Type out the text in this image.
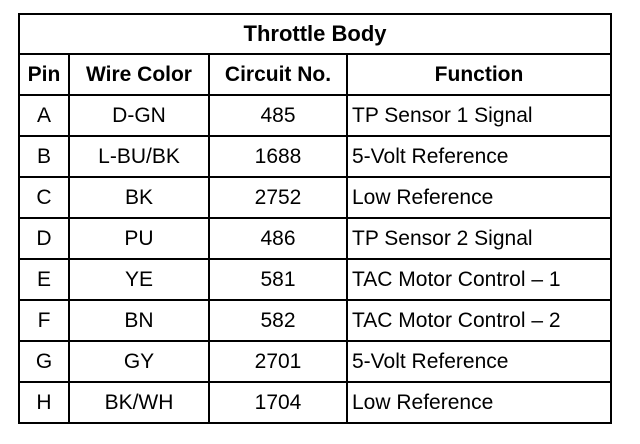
Throttle Body			
Pin	Wire Color	Circuit No.	Function
A	D-GN	485	TP Sensor 1 Signal
B	L-BU/BK	1688	5-Volt Reference
C	BK	2752	Low Reference
D	PU	486	TP Sensor 2 Signal
E	YE	581	TAC Motor Control – 1
F	BN	582	TAC Motor Control – 2
G	GY	2701	5-Volt Reference
H	BK/WH	1704	Low Reference
